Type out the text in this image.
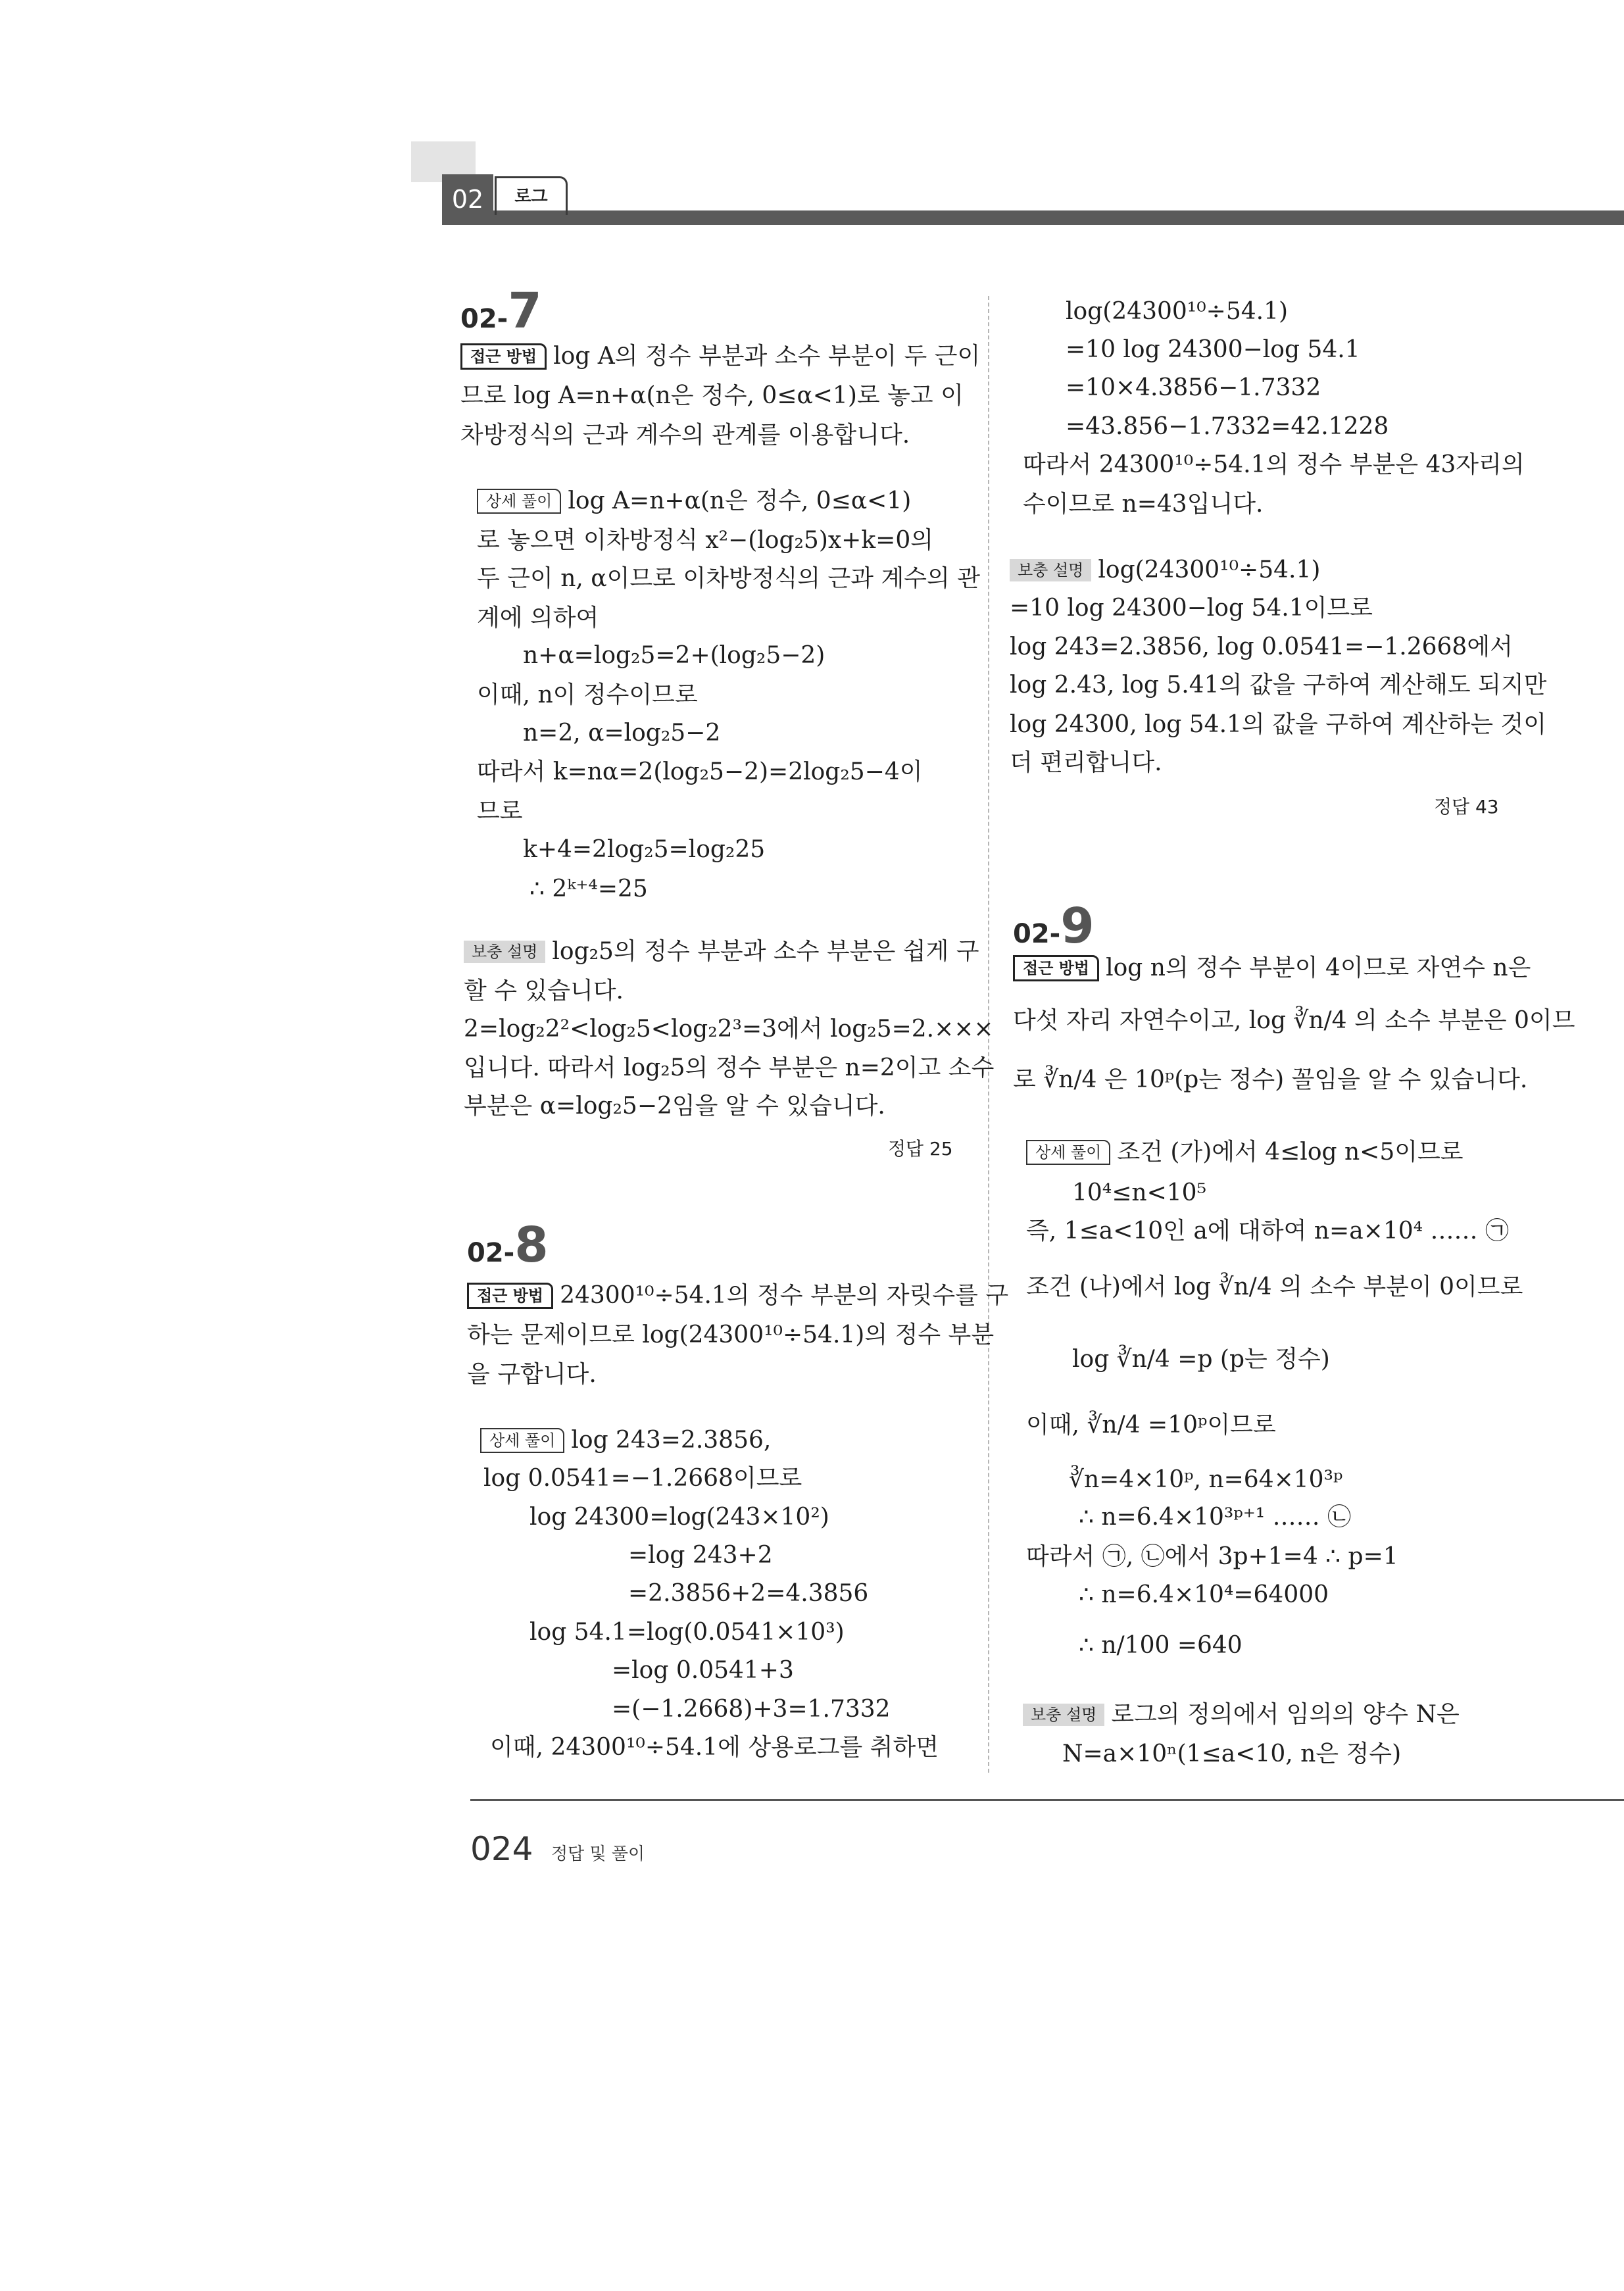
02	로그
02-7
접근 방법 log A의 정수 부분과 소수 부분이 두 근이
므로 log A=n+α(n은 정수, 0≤α<1)로 놓고 이
차방정식의 근과 계수의 관계를 이용합니다.
상세 풀이 log A=n+α(n은 정수, 0≤α<1)
로 놓으면 이차방정식 x²−(log₂5)x+k=0의
두 근이 n, α이므로 이차방정식의 근과 계수의 관
계에 의하여
n+α=log₂5=2+(log₂5−2)
이때, n이 정수이므로
n=2, α=log₂5−2
따라서 k=nα=2(log₂5−2)=2log₂5−4이
므로
k+4=2log₂5=log₂25
∴ 2ᵏ⁺⁴=25
보충 설명 log₂5의 정수 부분과 소수 부분은 쉽게 구
할 수 있습니다.
2=log₂2²<log₂5<log₂2³=3에서 log₂5=2.×××
입니다. 따라서 log₂5의 정수 부분은 n=2이고 소수
부분은 α=log₂5−2임을 알 수 있습니다.
정답 25
02-8
접근 방법 24300¹⁰÷54.1의 정수 부분의 자릿수를 구
하는 문제이므로 log(24300¹⁰÷54.1)의 정수 부분
을 구합니다.
상세 풀이 log 243=2.3856,
log 0.0541=−1.2668이므로
log 24300=log(243×10²)
=log 243+2
=2.3856+2=4.3856
log 54.1=log(0.0541×10³)
=log 0.0541+3
=(−1.2668)+3=1.7332
이때, 24300¹⁰÷54.1에 상용로그를 취하면
log(24300¹⁰÷54.1)
=10 log 24300−log 54.1
=10×4.3856−1.7332
=43.856−1.7332=42.1228
따라서 24300¹⁰÷54.1의 정수 부분은 43자리의
수이므로 n=43입니다.
보충 설명 log(24300¹⁰÷54.1)
=10 log 24300−log 54.1이므로
log 243=2.3856, log 0.0541=−1.2668에서
log 2.43, log 5.41의 값을 구하여 계산해도 되지만
log 24300, log 54.1의 값을 구하여 계산하는 것이
더 편리합니다.
정답 43
02-9
접근 방법 log n의 정수 부분이 4이므로 자연수 n은
다섯 자리 자연수이고, log ∛n/4 의 소수 부분은 0이므
로 ∛n/4 은 10ᵖ(p는 정수) 꼴임을 알 수 있습니다.
상세 풀이 조건 (가)에서 4≤log n<5이므로
10⁴≤n<10⁵
즉, 1≤a<10인 a에 대하여 n=a×10⁴ …… ㉠
조건 (나)에서 log ∛n/4 의 소수 부분이 0이므로
log ∛n/4 =p (p는 정수)
이때, ∛n/4 =10ᵖ이므로
∛n=4×10ᵖ, n=64×10³ᵖ
∴ n=6.4×10³ᵖ⁺¹ …… ㉡
따라서 ㉠, ㉡에서 3p+1=4 ∴ p=1
∴ n=6.4×10⁴=64000
∴ n/100 =640
보충 설명 로그의 정의에서 임의의 양수 N은
N=a×10ⁿ(1≤a<10, n은 정수)
024 정답 및 풀이
